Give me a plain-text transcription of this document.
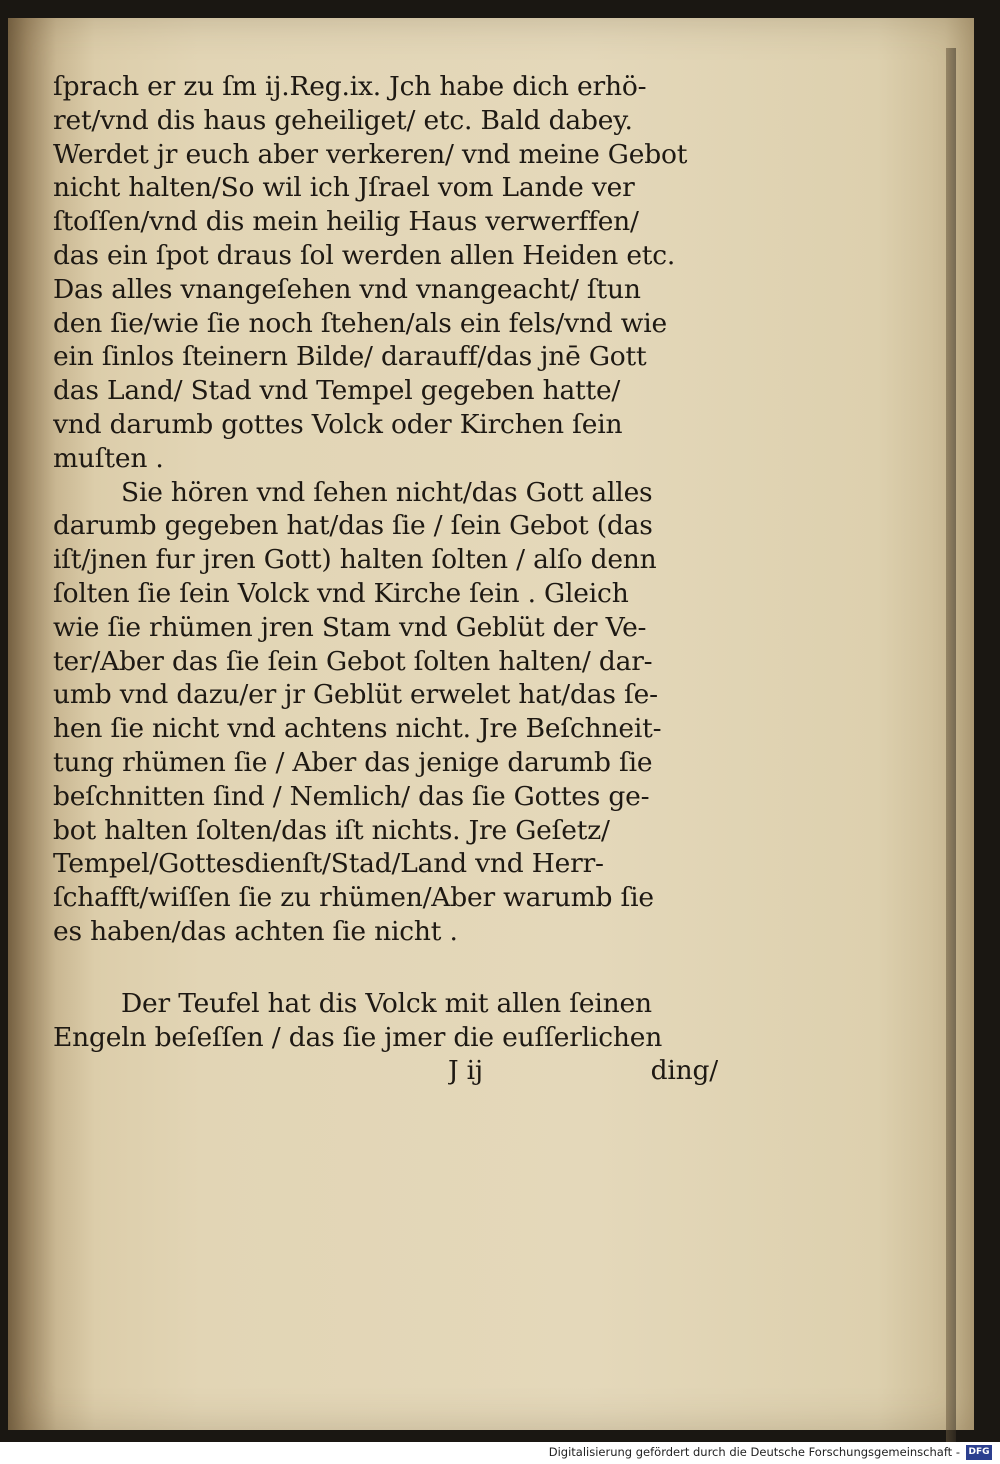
ſprach er zu ſm ij.Reg.ix. Jch habe dich erhö-
ret/vnd dis haus geheiliget/ etc. Bald dabey.
Werdet jr euch aber verkeren/ vnd meine Gebot
nicht halten/So wil ich Jſrael vom Lande ver
ſtoſſen/vnd dis mein heilig Haus verwerffen/
das ein ſpot draus ſol werden allen Heiden etc.
Das alles vnangeſehen vnd vnangeacht/ ſtun
den ſie/wie ſie noch ſtehen/als ein fels/vnd wie
ein ſinlos ſteinern Bilde/ darauff/das jnē Gott
das Land/ Stad vnd Tempel gegeben hatte/
vnd darumb gottes Volck oder Kirchen ſein
muſten .
Sie hören vnd ſehen nicht/das Gott alles
darumb gegeben hat/das ſie / ſein Gebot (das
iſt/jnen fur jren Gott) halten ſolten / alſo denn
ſolten ſie ſein Volck vnd Kirche ſein . Gleich
wie ſie rhümen jren Stam vnd Geblüt der Ve-
ter/Aber das ſie ſein Gebot ſolten halten/ dar-
umb vnd dazu/er jr Geblüt erwelet hat/das ſe-
hen ſie nicht vnd achtens nicht. Jre Beſchneit-
tung rhümen ſie / Aber das jenige darumb ſie
beſchnitten ſind / Nemlich/ das ſie Gottes ge-
bot halten ſolten/das iſt nichts. Jre Geſetz/
Tempel/Gottesdienſt/Stad/Land vnd Herr-
ſchafft/wiſſen ſie zu rhümen/Aber warumb ſie
es haben/das achten ſie nicht .
Der Teufel hat dis Volck mit allen ſeinen
Engeln beſeſſen / das ſie jmer die euſſerlichen
J ij	ding/
Digitalisierung gefördert durch die Deutsche Forschungsgemeinschaft - DFG
